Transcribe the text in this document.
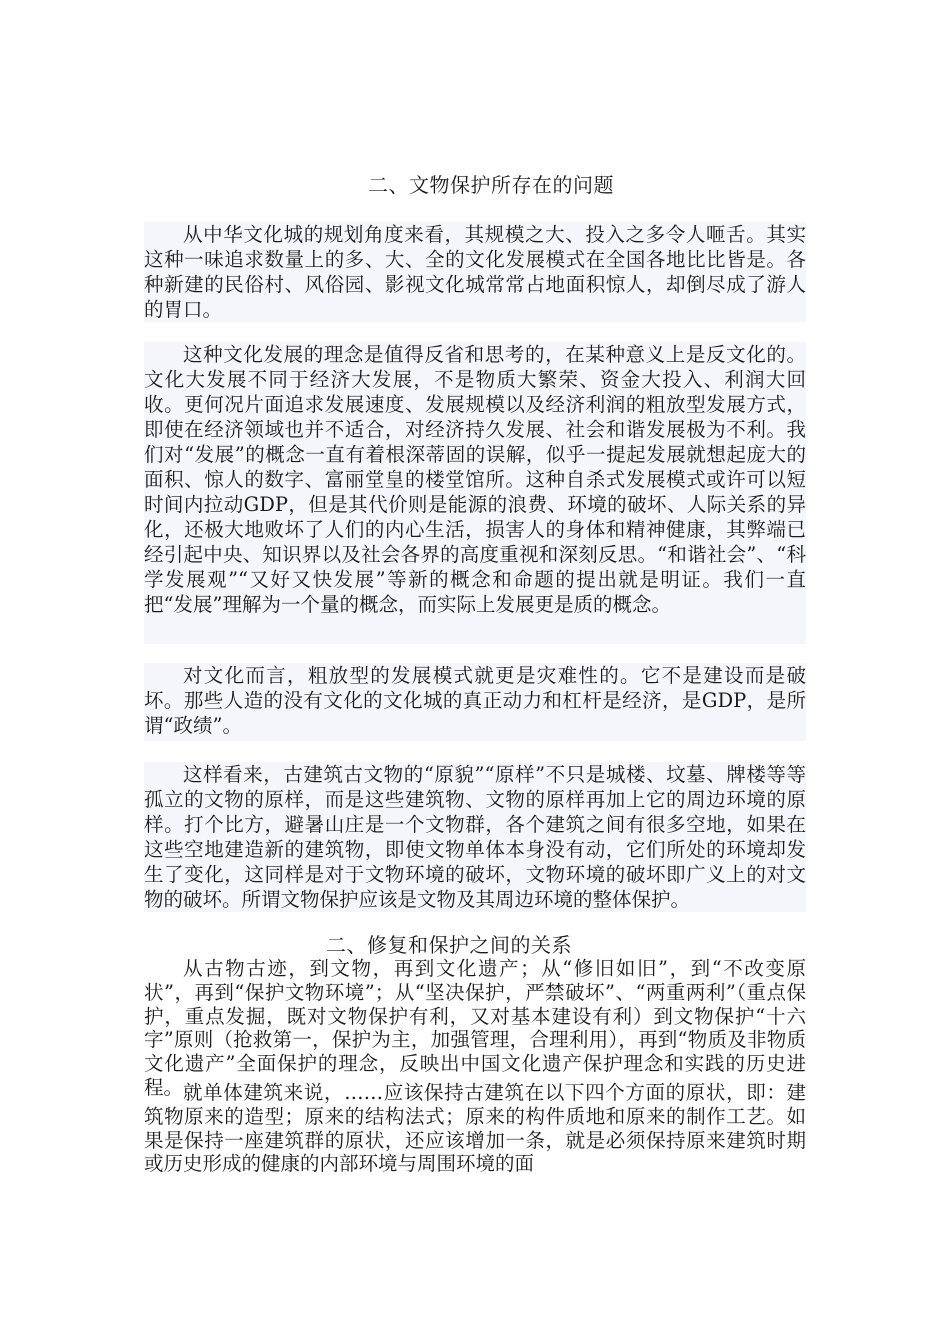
二、文物保护所存在的问题

从中华文化城的规划角度来看，其规模之大、投入之多令人咂舌。其实这种一味追求数量上的多、大、全的文化发展模式在全国各地比比皆是。各种新建的民俗村、风俗园、影视文化城常常占地面积惊人，却倒尽成了游人的胃口。

这种文化发展的理念是值得反省和思考的，在某种意义上是反文化的。文化大发展不同于经济大发展，不是物质大繁荣、资金大投入、利润大回收。更何况片面追求发展速度、发展规模以及经济利润的粗放型发展方式，即使在经济领域也并不适合，对经济持久发展、社会和谐发展极为不利。我们对“发展”的概念一直有着根深蒂固的误解，似乎一提起发展就想起庞大的面积、惊人的数字、富丽堂皇的楼堂馆所。这种自杀式发展模式或许可以短时间内拉动GDP，但是其代价则是能源的浪费、环境的破坏、人际关系的异化，还极大地败坏了人们的内心生活，损害人的身体和精神健康，其弊端已经引起中央、知识界以及社会各界的高度重视和深刻反思。“和谐社会”、“科学发展观”“又好又快发展”等新的概念和命题的提出就是明证。我们一直把“发展”理解为一个量的概念，而实际上发展更是质的概念。

对文化而言，粗放型的发展模式就更是灾难性的。它不是建设而是破坏。那些人造的没有文化的文化城的真正动力和杠杆是经济，是GDP，是所谓“政绩”。

这样看来，古建筑古文物的“原貌”“原样”不只是城楼、坟墓、牌楼等等孤立的文物的原样，而是这些建筑物、文物的原样再加上它的周边环境的原样。打个比方，避暑山庄是一个文物群，各个建筑之间有很多空地，如果在这些空地建造新的建筑物，即使文物单体本身没有动，它们所处的环境却发生了变化，这同样是对于文物环境的破坏，文物环境的破坏即广义上的对文物的破坏。所谓文物保护应该是文物及其周边环境的整体保护。

二、修复和保护之间的关系

从古物古迹，到文物，再到文化遗产；从“修旧如旧”，到“不改变原状”，再到“保护文物环境”；从“坚决保护，严禁破坏”、“两重两利”（重点保护，重点发掘，既对文物保护有利，又对基本建设有利）到文物保护“十六字”原则（抢救第一，保护为主，加强管理，合理利用），再到“物质及非物质文化遗产”全面保护的理念，反映出中国文化遗产保护理念和实践的历史进程。 就单体建筑来说，……应该保持古建筑在以下四个方面的原状，即：建筑物原来的造型；原来的结构法式；原来的构件质地和原来的制作工艺。如果是保持一座建筑群的原状，还应该增加一条，就是必须保持原来建筑时期或历史形成的健康的内部环境与周围环境的面
